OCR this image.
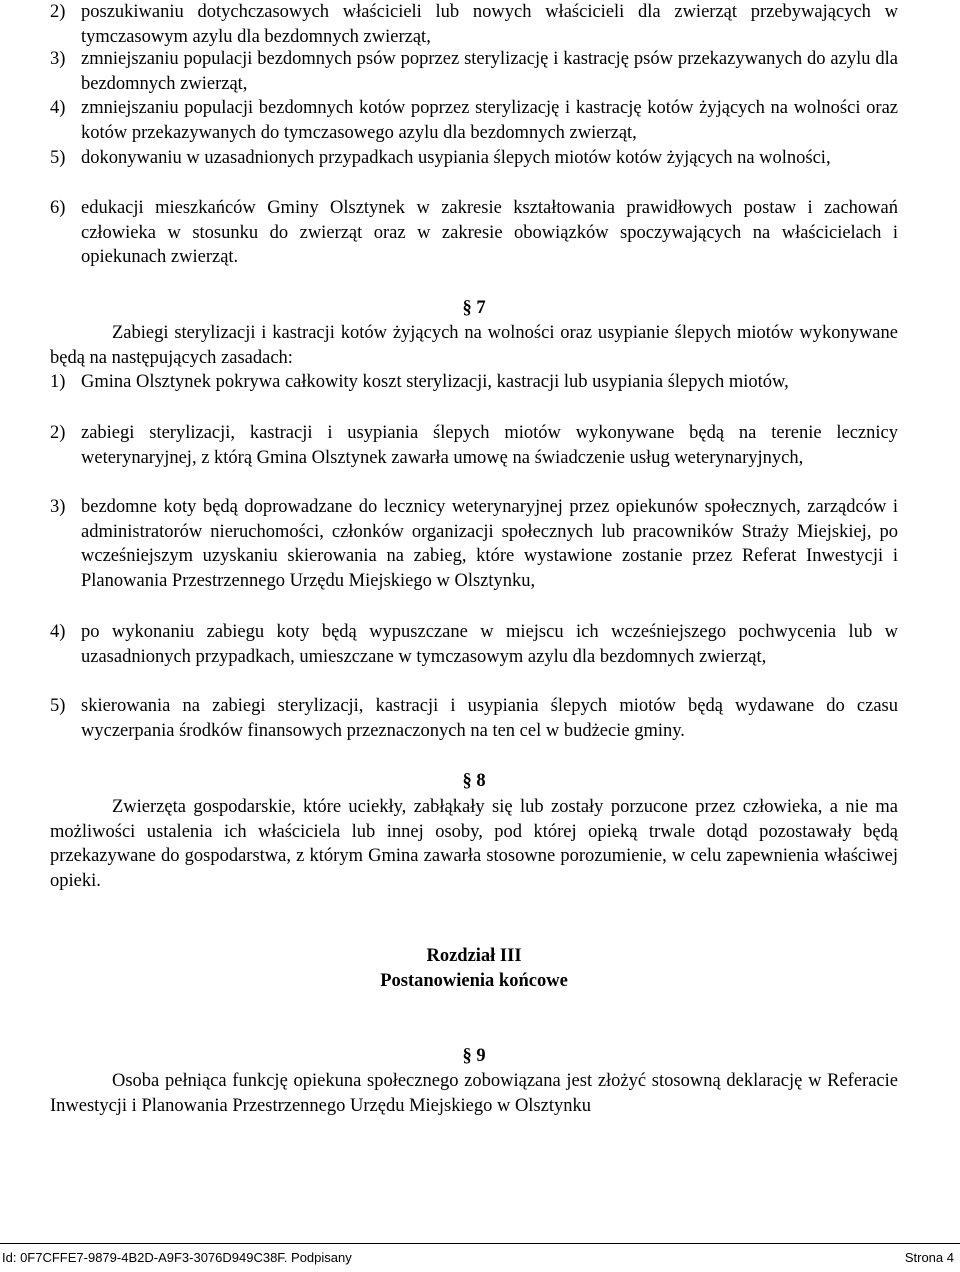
2) poszukiwaniu dotychczasowych właścicieli lub nowych właścicieli dla zwierząt przebywających w tymczasowym azylu dla bezdomnych zwierząt,
3) zmniejszaniu populacji bezdomnych psów poprzez sterylizację i kastrację psów przekazywanych do azylu dla bezdomnych zwierząt,
4) zmniejszaniu populacji bezdomnych kotów poprzez sterylizację i kastrację kotów żyjących na wolności oraz kotów przekazywanych do tymczasowego azylu dla bezdomnych zwierząt,
5) dokonywaniu w uzasadnionych przypadkach usypiania ślepych miotów kotów żyjących na wolności,
6) edukacji mieszkańców Gminy Olsztynek w zakresie kształtowania prawidłowych postaw i zachowań człowieka w stosunku do zwierząt oraz w zakresie obowiązków spoczywających na właścicielach i opiekunach zwierząt.
§ 7
Zabiegi sterylizacji i kastracji kotów żyjących na wolności oraz usypianie ślepych miotów wykonywane będą na następujących zasadach:
1) Gmina Olsztynek pokrywa całkowity koszt sterylizacji, kastracji lub usypiania ślepych miotów,
2) zabiegi sterylizacji, kastracji i usypiania ślepych miotów wykonywane będą na terenie lecznicy weterynaryjnej, z którą Gmina Olsztynek zawarła umowę na świadczenie usług weterynaryjnych,
3) bezdomne koty będą doprowadzane do lecznicy weterynaryjnej przez opiekunów społecznych, zarządców i administratorów nieruchomości, członków organizacji społecznych lub pracowników Straży Miejskiej, po wcześniejszym uzyskaniu skierowania na zabieg, które wystawione zostanie przez Referat Inwestycji i Planowania Przestrzennego Urzędu Miejskiego w Olsztynku,
4) po wykonaniu zabiegu koty będą wypuszczane w miejscu ich wcześniejszego pochwycenia lub w uzasadnionych przypadkach, umieszczane w tymczasowym azylu dla bezdomnych zwierząt,
5) skierowania na zabiegi sterylizacji, kastracji i usypiania ślepych miotów będą wydawane do czasu wyczerpania środków finansowych przeznaczonych na ten cel w budżecie gminy.
§ 8
Zwierzęta gospodarskie, które uciekły, zabłąkały się lub zostały porzucone przez człowieka, a nie ma możliwości ustalenia ich właściciela lub innej osoby, pod której opieką trwale dotąd pozostawały będą przekazywane do gospodarstwa, z którym Gmina zawarła stosowne porozumienie, w celu zapewnienia właściwej opieki.
Rozdział III
Postanowienia końcowe
§ 9
Osoba pełniąca funkcję opiekuna społecznego zobowiązana jest złożyć stosowną deklarację w Referacie Inwestycji i Planowania Przestrzennego Urzędu Miejskiego w Olsztynku
Id: 0F7CFFE7-9879-4B2D-A9F3-3076D949C38F. Podpisany	Strona 4
